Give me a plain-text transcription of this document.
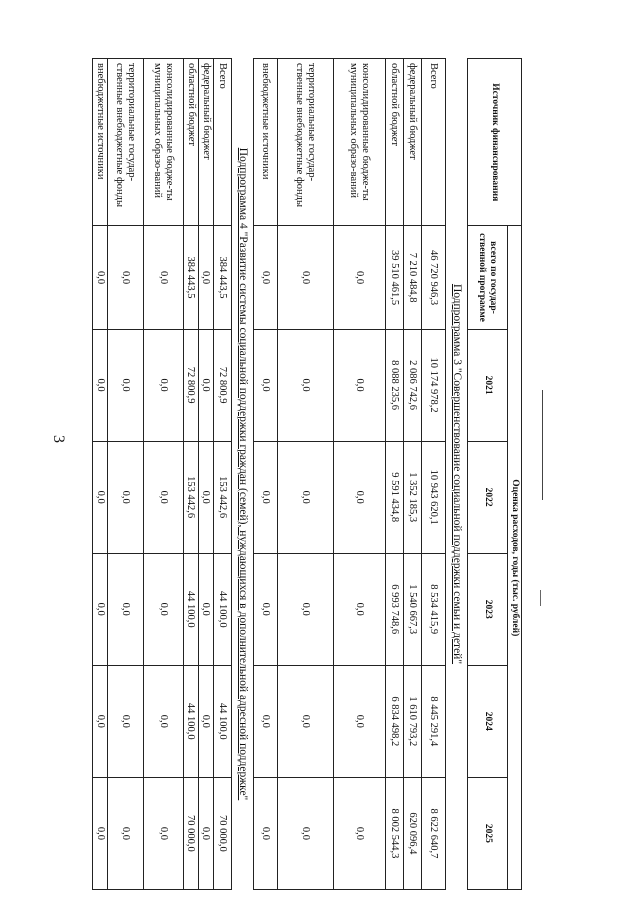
3
Источник финансирования	Оценка расходов, годы (тыс. рублей)					
	всего по государ-ственной программе	2021	2022	2023	2024	2025
Подпрограмма 3 "Совершенствование социальной поддержки семьи и детей"						
Всего	46 720 946,3	10 174 978,2	10 943 620,1	8 534 415,9	8 445 291,4	8 622 640,7
федеральный бюджет	7 210 484,8	2 086 742,6	1 352 185,3	1 540 667,3	1 610 793,2	620 096,4
областной бюджет	39 510 461,5	8 088 235,6	9 591 434,8	6 993 748,6	6 834 498,2	8 002 544,3
консолидированные бюдже-ты муниципальных образо-ваний	0,0	0,0	0,0	0,0	0,0	0,0
территориальные государ-ственные внебюджетные фонды	0,0	0,0	0,0	0,0	0,0	0,0
внебюджетные источники	0,0	0,0	0,0	0,0	0,0	0,0
Подпрограмма 4 "Развитие системы социальной поддержки граждан (семей), нуждающихся в дополнительной адресной поддержке"						
Всего	384 443,5	72 800,9	153 442,6	44 100,0	44 100,0	70 000,0
федеральный бюджет	0,0	0,0	0,0	0,0	0,0	0,0
областной бюджет	384 443,5	72 800,9	153 442,6	44 100,0	44 100,0	70 000,0
консолидированные бюдже-ты муниципальных образо-ваний	0,0	0,0	0,0	0,0	0,0	0,0
территориальные государ-ственные внебюджетные фонды	0,0	0,0	0,0	0,0	0,0	0,0
внебюджетные источники	0,0	0,0	0,0	0,0	0,0	0,0
